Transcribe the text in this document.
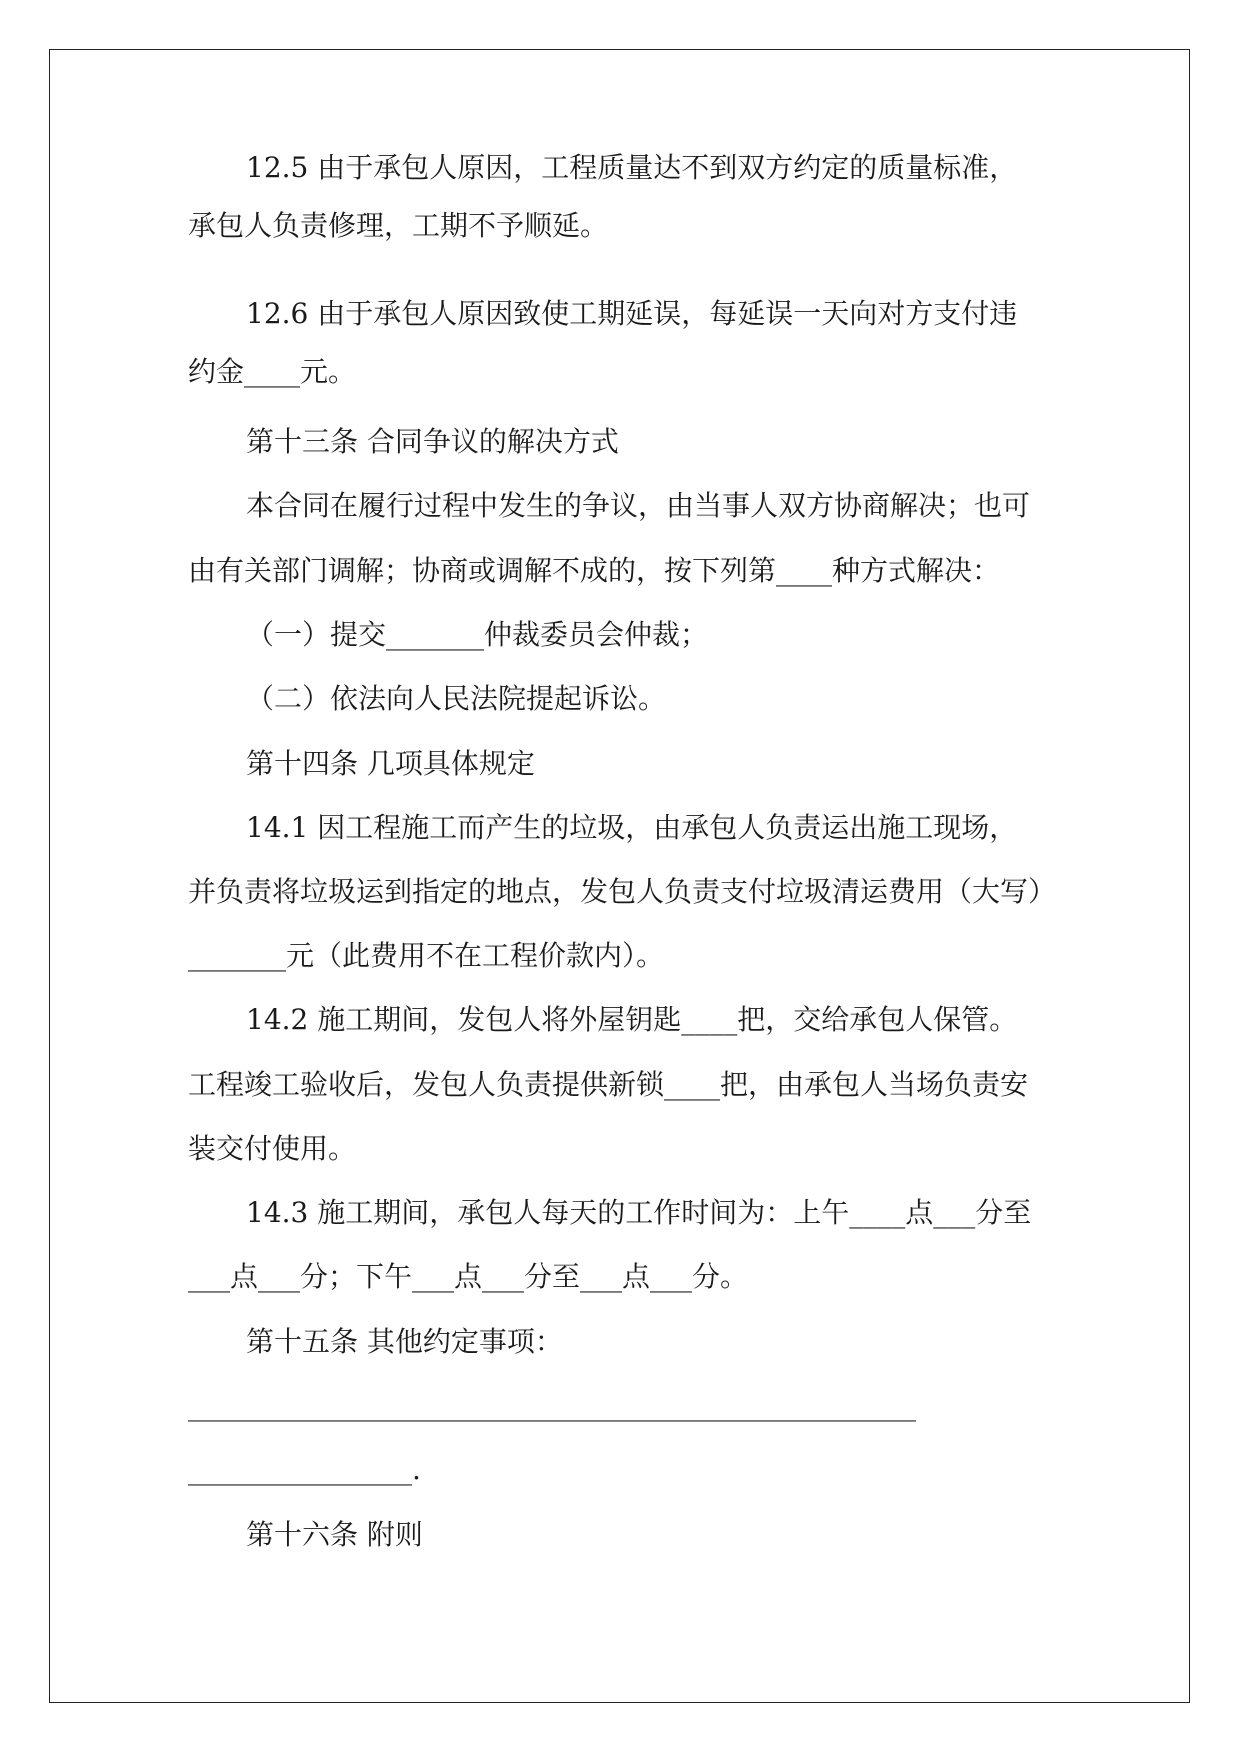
12.5 由于承包人原因，工程质量达不到双方约定的质量标准，
承包人负责修理，工期不予顺延。
12.6 由于承包人原因致使工期延误，每延误一天向对方支付违
约金____元。
第十三条 合同争议的解决方式
本合同在履行过程中发生的争议，由当事人双方协商解决；也可
由有关部门调解；协商或调解不成的，按下列第____种方式解决：
（一）提交_______仲裁委员会仲裁；
（二）依法向人民法院提起诉讼。
第十四条 几项具体规定
14.1 因工程施工而产生的垃圾，由承包人负责运出施工现场，
并负责将垃圾运到指定的地点，发包人负责支付垃圾清运费用（大写）
_______元（此费用不在工程价款内）。
14.2 施工期间，发包人将外屋钥匙____把，交给承包人保管。
工程竣工验收后，发包人负责提供新锁____把，由承包人当场负责安
装交付使用。
14.3 施工期间，承包人每天的工作时间为：上午____点___分至
___点___分；下午___点___分至___点___分。
第十五条 其他约定事项：
____________________________________________________
________________.
第十六条 附则
